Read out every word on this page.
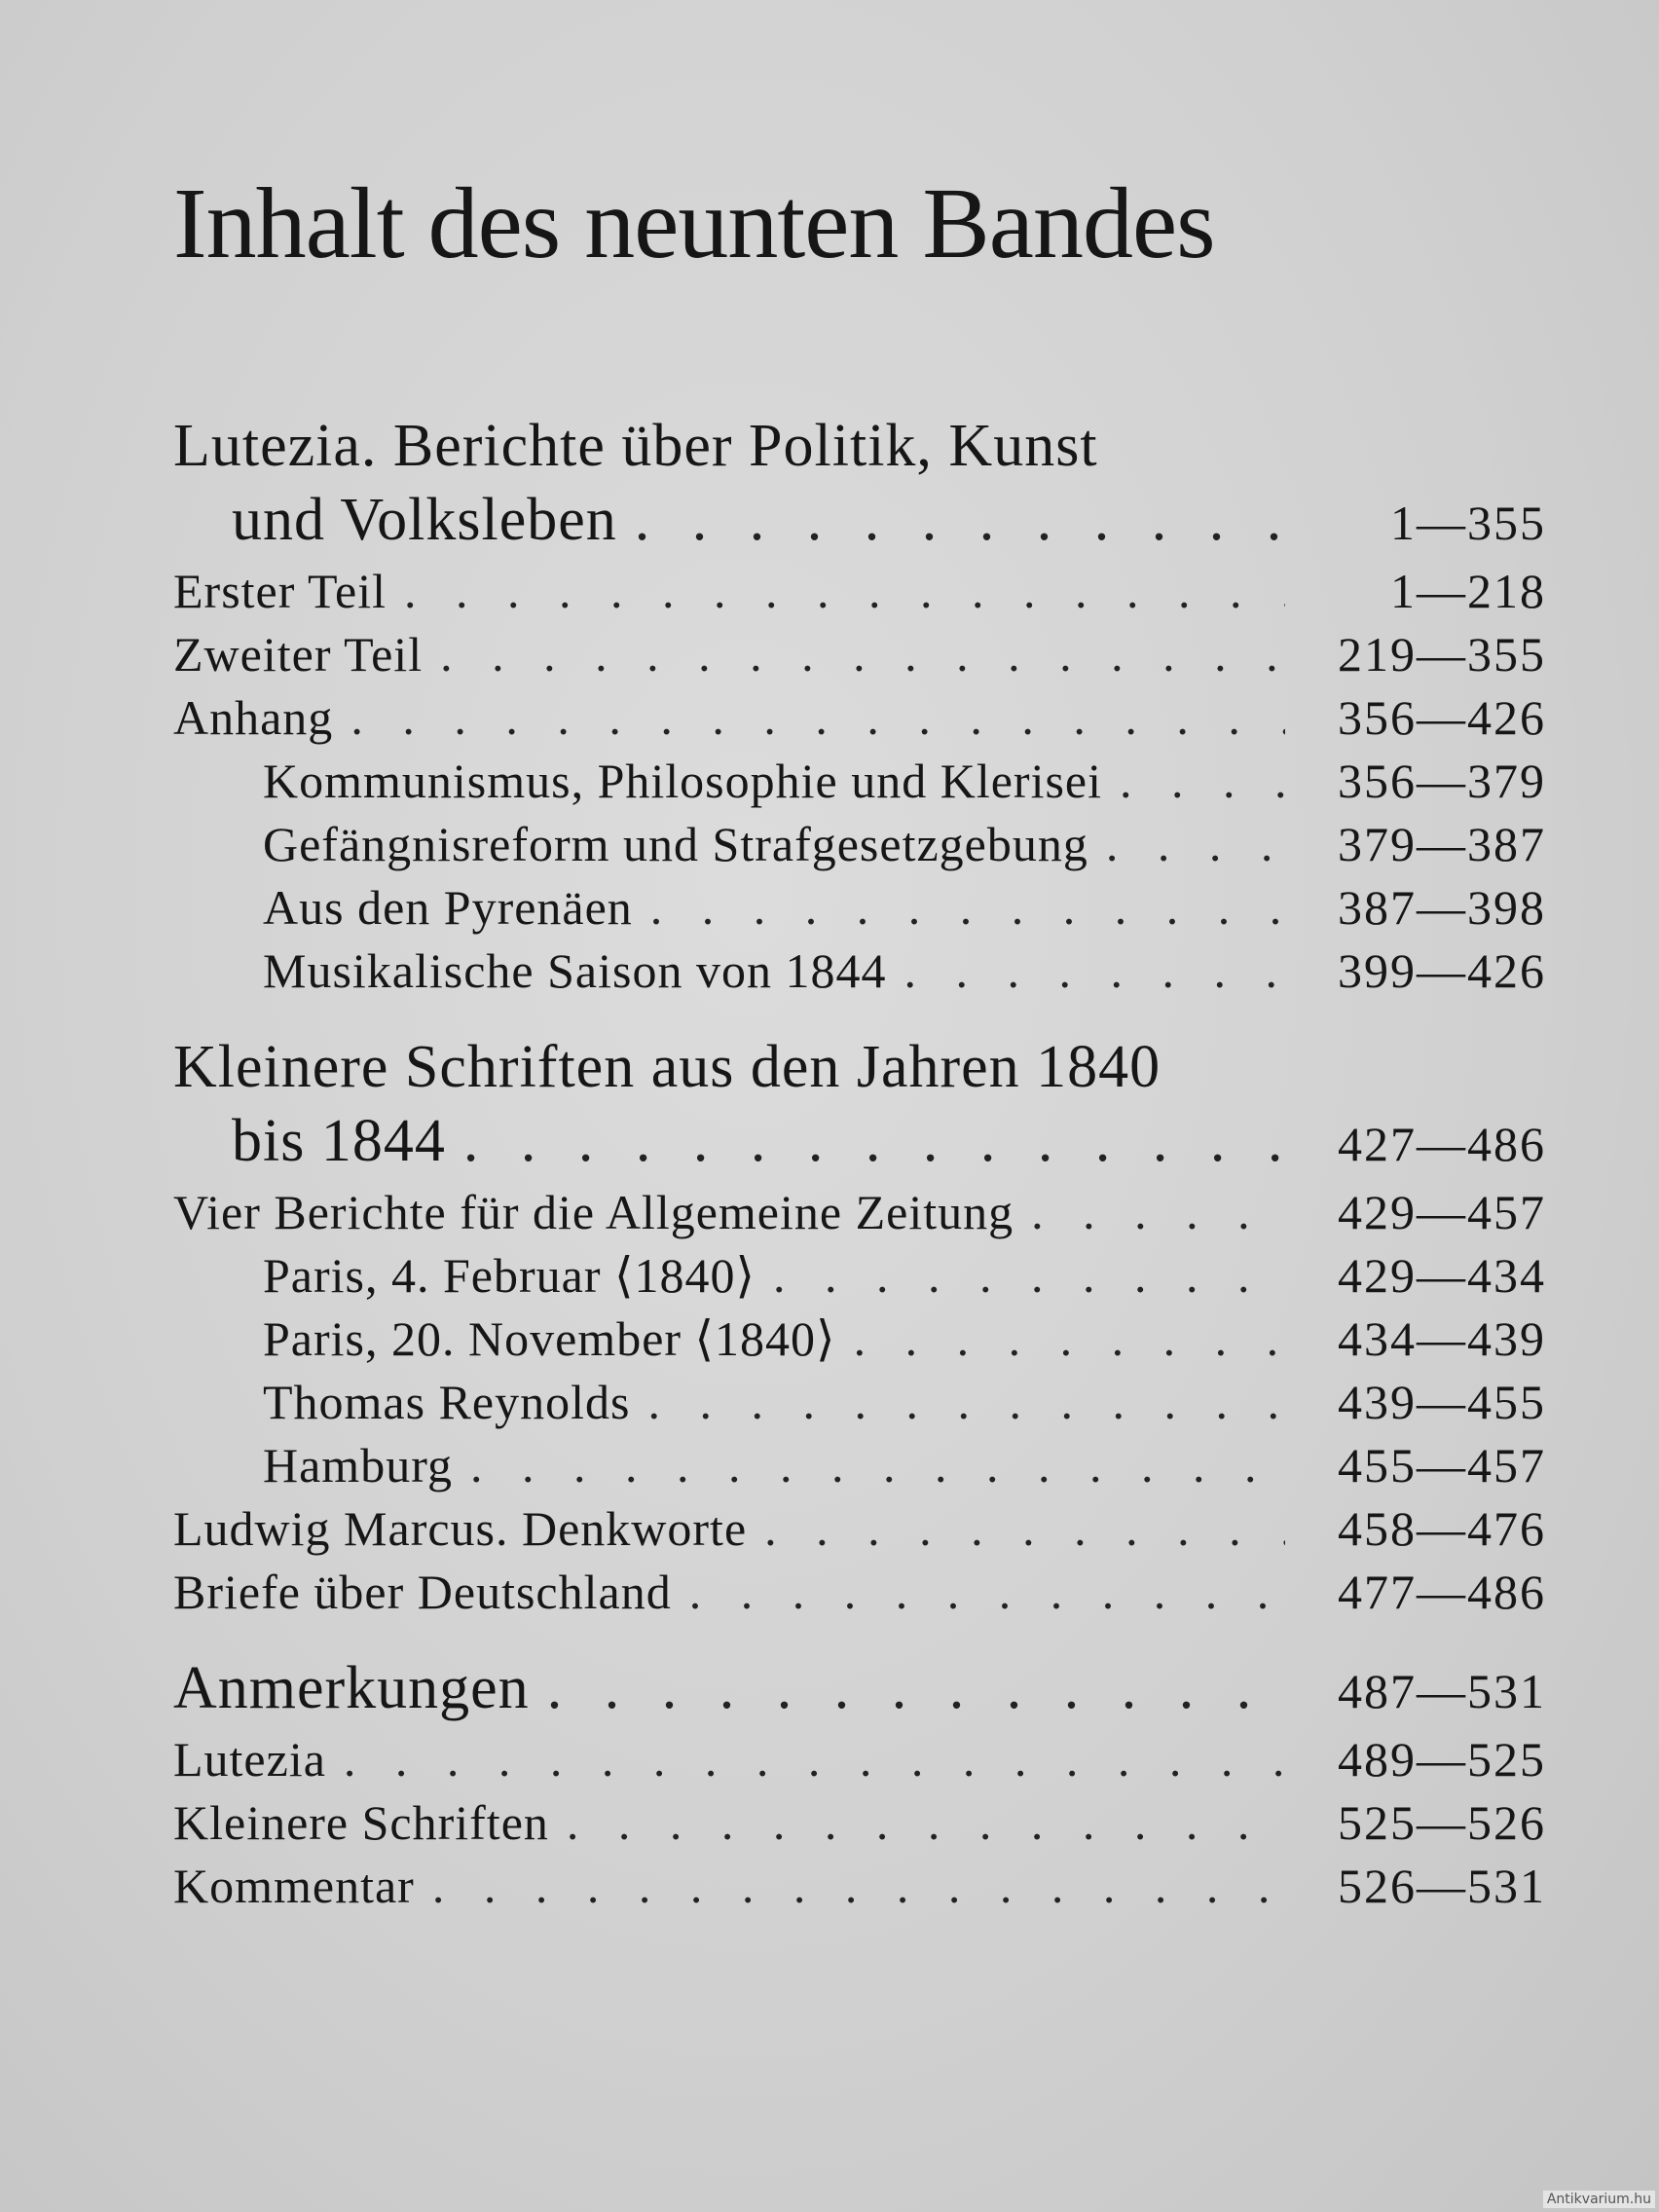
Inhalt des neunten Bandes
Lutezia. Berichte über Politik, Kunst
und Volksleben . . .	1—355
Erster Teil . . .	1—218
Zweiter Teil . . .	219—355
Anhang . . .	356—426
Kommunismus, Philosophie und Klerisei . . .	356—379
Gefängnisreform und Strafgesetzgebung . . .	379—387
Aus den Pyrenäen . . .	387—398
Musikalische Saison von 1844 . . .	399—426
Kleinere Schriften aus den Jahren 1840
bis 1844 . . .	427—486
Vier Berichte für die Allgemeine Zeitung . . .	429—457
Paris, 4. Februar ⟨1840⟩ . . .	429—434
Paris, 20. November ⟨1840⟩ . . .	434—439
Thomas Reynolds . . .	439—455
Hamburg . . .	455—457
Ludwig Marcus. Denkworte . . .	458—476
Briefe über Deutschland . . .	477—486
Anmerkungen . . .	487—531
Lutezia . . .	489—525
Kleinere Schriften . . .	525—526
Kommentar . . .	526—531
Antikvarium.hu
